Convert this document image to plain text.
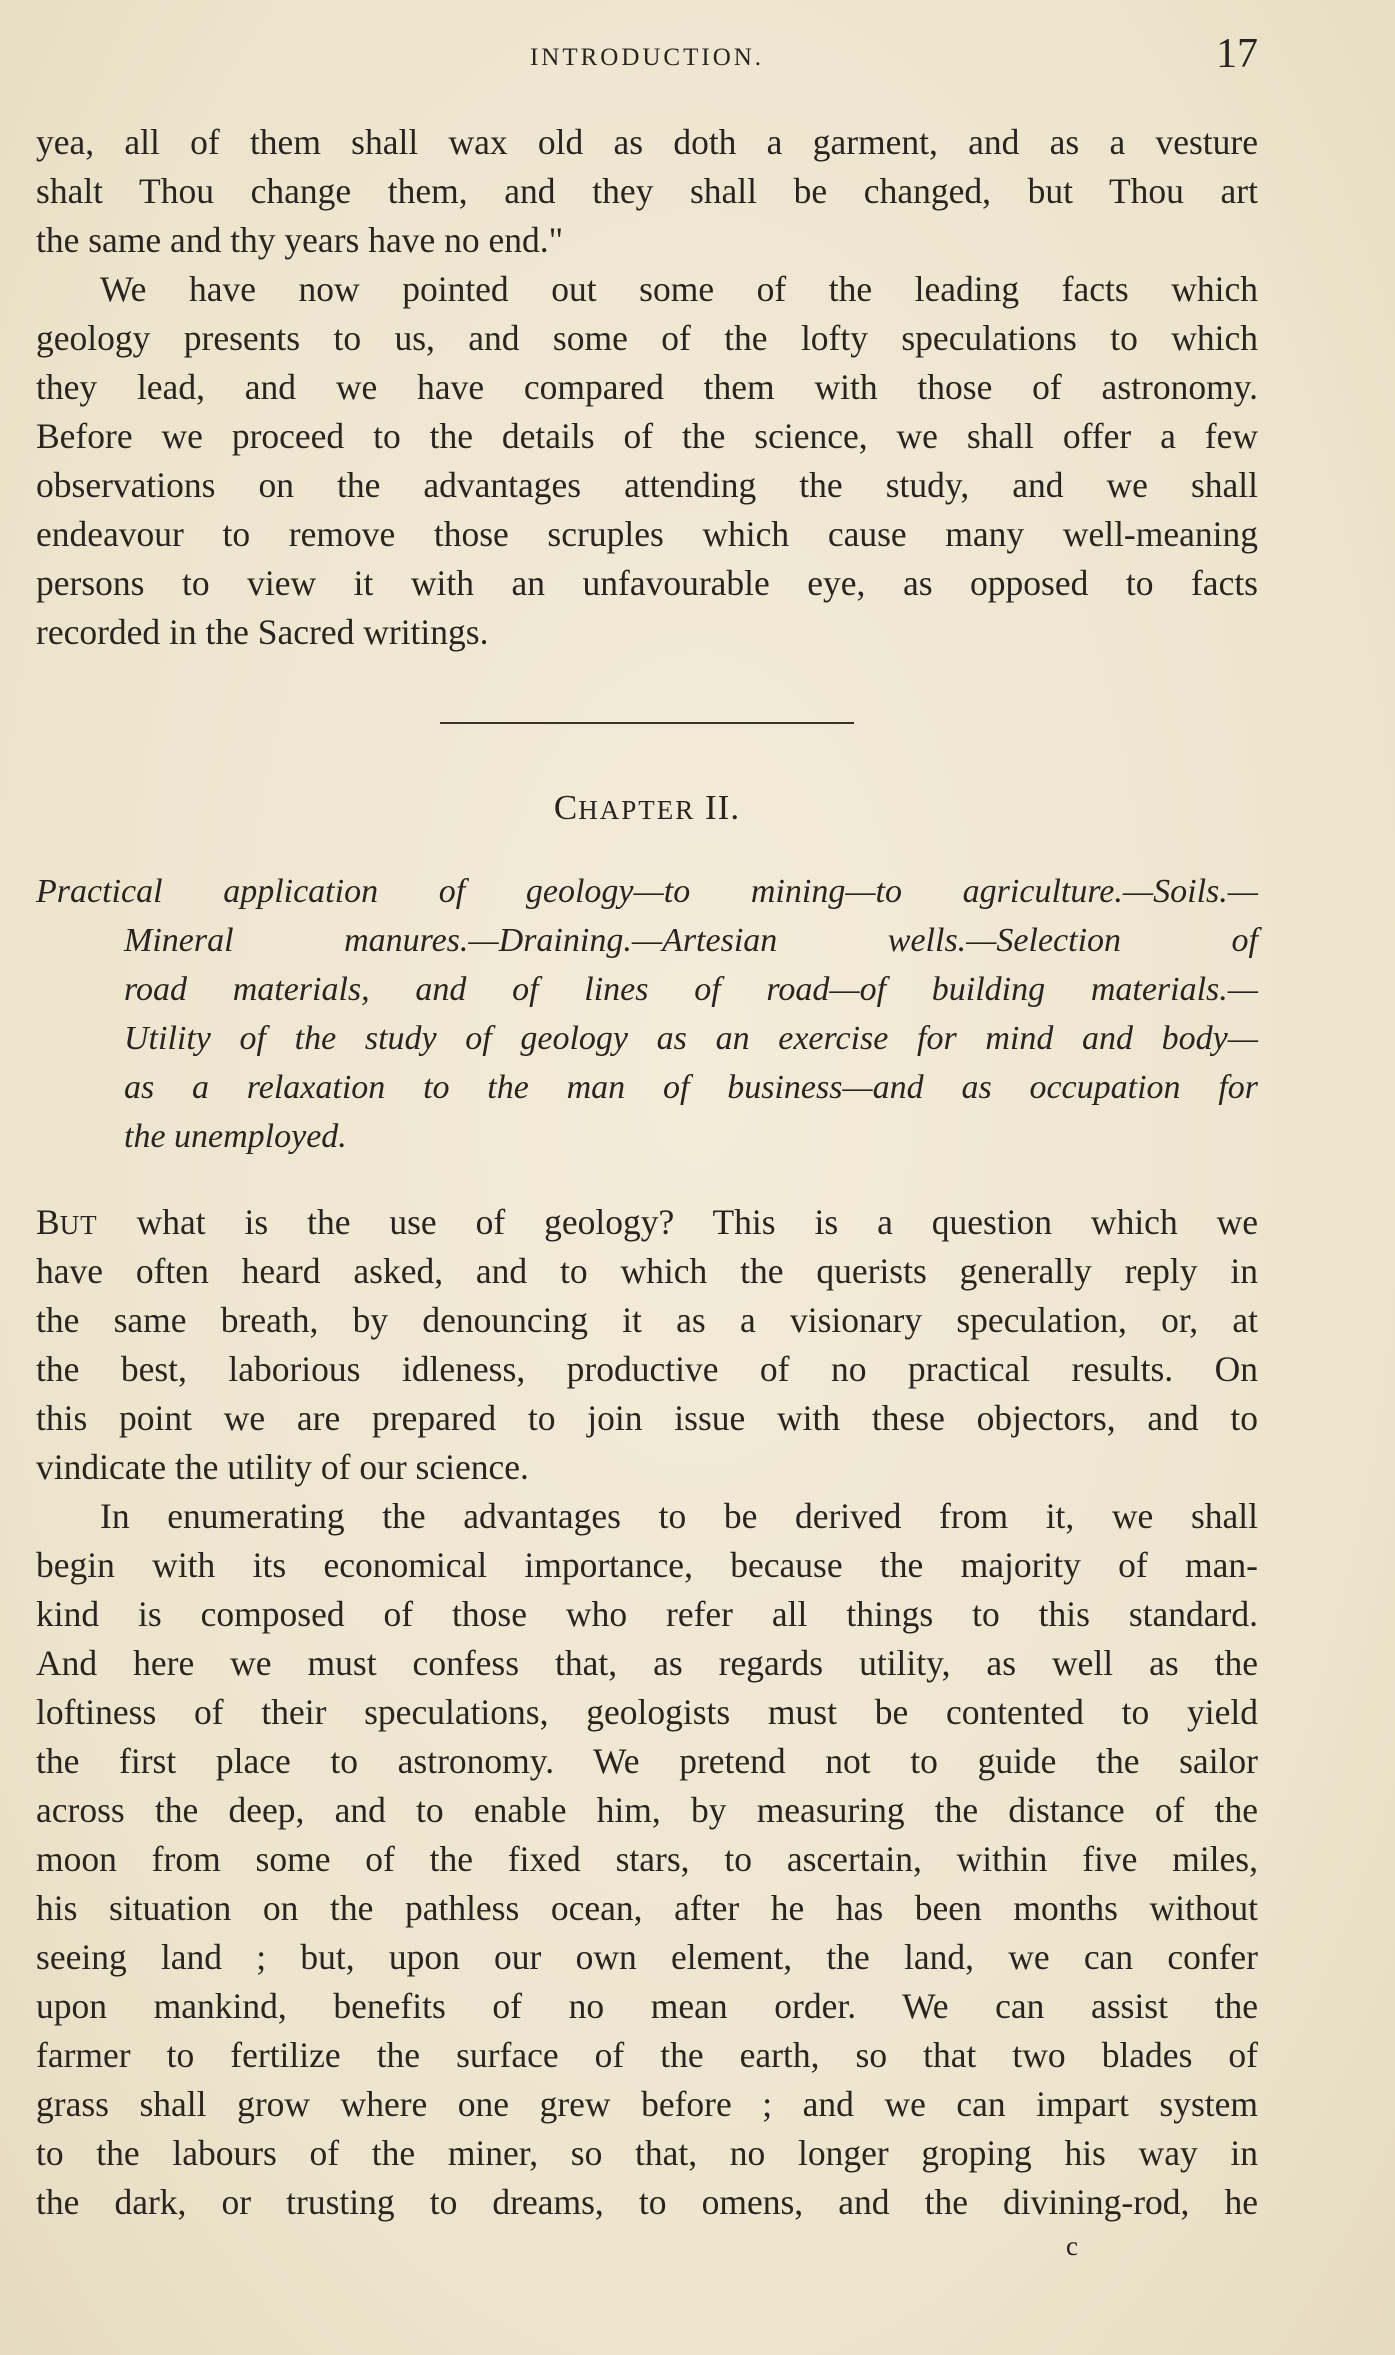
INTRODUCTION.	17
yea, all of them shall wax old as doth a garment, and as a vesture
shalt Thou change them, and they shall be changed, but Thou art
the same and thy years have no end."
We have now pointed out some of the leading facts which
geology presents to us, and some of the lofty speculations to which
they lead, and we have compared them with those of astronomy.
Before we proceed to the details of the science, we shall offer a few
observations on the advantages attending the study, and we shall
endeavour to remove those scruples which cause many well-meaning
persons to view it with an unfavourable eye, as opposed to facts
recorded in the Sacred writings.
CHAPTER II.
Practical application of geology—to mining—to agriculture.—Soils.—
Mineral manures.—Draining.—Artesian wells.—Selection of
road materials, and of lines of road—of building materials.—
Utility of the study of geology as an exercise for mind and body—
as a relaxation to the man of business—and as occupation for
the unemployed.
BUT what is the use of geology? This is a question which we
have often heard asked, and to which the querists generally reply in
the same breath, by denouncing it as a visionary speculation, or, at
the best, laborious idleness, productive of no practical results. On
this point we are prepared to join issue with these objectors, and to
vindicate the utility of our science.
In enumerating the advantages to be derived from it, we shall
begin with its economical importance, because the majority of man-
kind is composed of those who refer all things to this standard.
And here we must confess that, as regards utility, as well as the
loftiness of their speculations, geologists must be contented to yield
the first place to astronomy. We pretend not to guide the sailor
across the deep, and to enable him, by measuring the distance of the
moon from some of the fixed stars, to ascertain, within five miles,
his situation on the pathless ocean, after he has been months without
seeing land ; but, upon our own element, the land, we can confer
upon mankind, benefits of no mean order. We can assist the
farmer to fertilize the surface of the earth, so that two blades of
grass shall grow where one grew before ; and we can impart system
to the labours of the miner, so that, no longer groping his way in
the dark, or trusting to dreams, to omens, and the divining-rod, he
c
